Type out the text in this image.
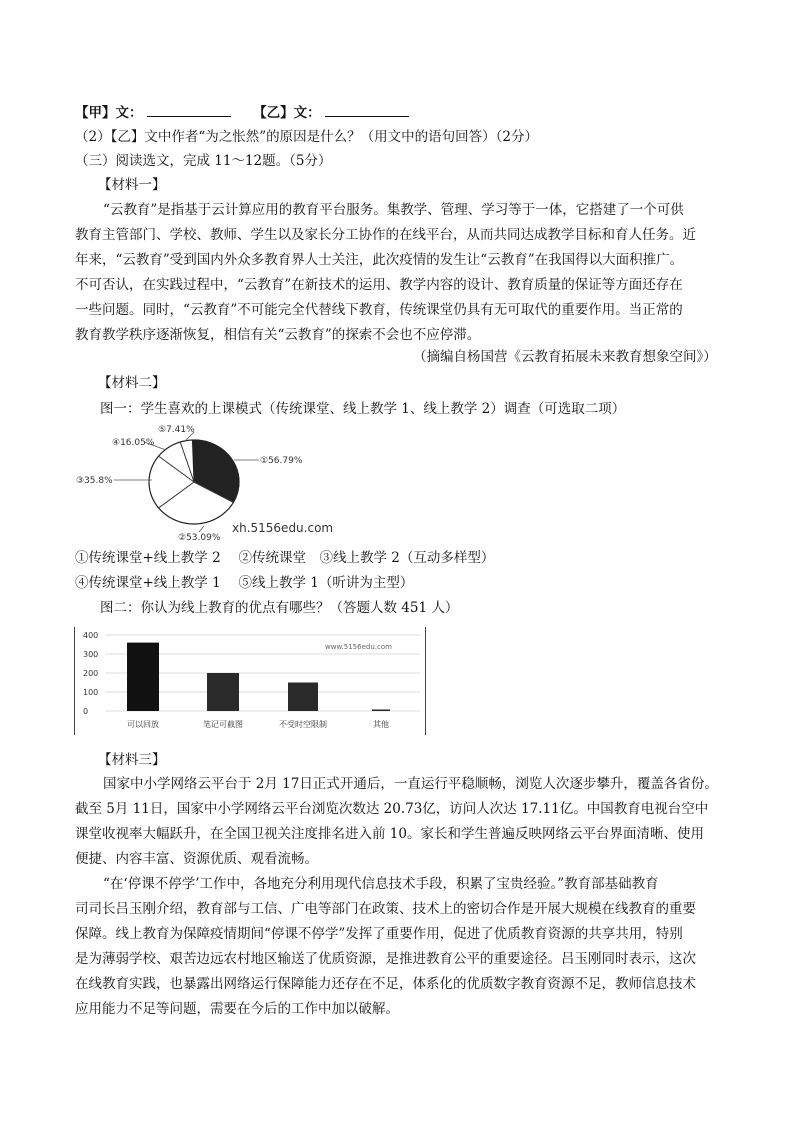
【甲】文：	【乙】文：
（2）【乙】文中作者“为之怅然”的原因是什么？（用文中的语句回答）（2分）
（三）阅读选文，完成 11～12题。（5分）
【材料一】
“云教育”是指基于云计算应用的教育平台服务。集教学、管理、学习等于一体，它搭建了一个可供
教育主管部门、学校、教师、学生以及家长分工协作的在线平台，从而共同达成教学目标和育人任务。近
年来，“云教育”受到国内外众多教育界人士关注，此次疫情的发生让“云教育”在我国得以大面积推广。
不可否认，在实践过程中，“云教育”在新技术的运用、教学内容的设计、教育质量的保证等方面还存在
一些问题。同时，“云教育”不可能完全代替线下教育，传统课堂仍具有无可取代的重要作用。当正常的
教育教学秩序逐渐恢复，相信有关“云教育”的探索不会也不应停滞。
（摘编自杨国营《云教育拓展未来教育想象空间》）
【材料二】
图一：学生喜欢的上课模式（传统课堂、线上教学 1、线上教学 2）调查（可选取二项）
①56.79%
②53.09%
③35.8%
④16.05%
⑤7.41%
xh.5156edu.com
①传统课堂+线上教学 2　 ②传统课堂　③线上教学 2（互动多样型）
④传统课堂+线上教学 1　 ⑤线上教学 1（听讲为主型）
图二：你认为线上教育的优点有哪些？（答题人数 451 人）
400
300
200
100
0
可以回放	笔记可截图	不受时空限制	其他
www.5156edu.com
【材料三】
国家中小学网络云平台于 2月 17日正式开通后，一直运行平稳顺畅，浏览人次逐步攀升，覆盖各省份。
截至 5月 11日，国家中小学网络云平台浏览次数达 20.73亿，访问人次达 17.11亿。中国教育电视台空中
课堂收视率大幅跃升，在全国卫视关注度排名进入前 10。家长和学生普遍反映网络云平台界面清晰、使用
便捷、内容丰富、资源优质、观看流畅。
“在‘停课不停学’工作中，各地充分利用现代信息技术手段，积累了宝贵经验。”教育部基础教育
司司长吕玉刚介绍，教育部与工信、广电等部门在政策、技术上的密切合作是开展大规模在线教育的重要
保障。线上教育为保障疫情期间“停课不停学”发挥了重要作用，促进了优质教育资源的共享共用，特别
是为薄弱学校、艰苦边远农村地区输送了优质资源，是推进教育公平的重要途径。吕玉刚同时表示，这次
在线教育实践，也暴露出网络运行保障能力还存在不足，体系化的优质数字教育资源不足，教师信息技术
应用能力不足等问题，需要在今后的工作中加以破解。
